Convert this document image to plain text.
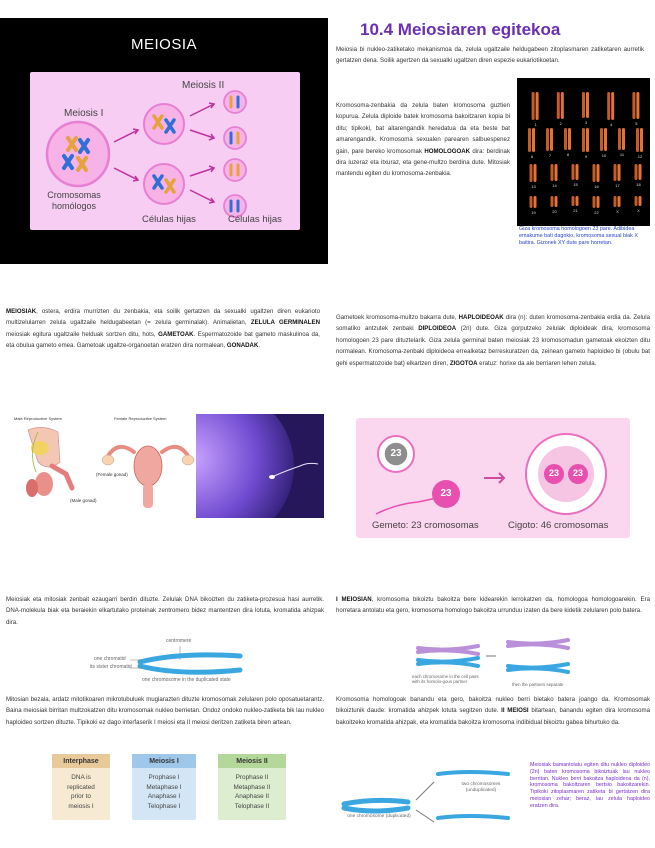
MEIOSIA
Meiosis I
Meiosis II
Cromosomas
homólogos
Células hijas	Células hijas
10.4 Meiosiaren egitekoa
Meiosia bi nukleo-zatiketako mekanismoa da, zelula ugaltzaile heldugabeen zitoplasmaren zatiketaren aurretik gertatzen dena. Soilik agertzen da sexualki ugaltzen diren espezie eukariotikoetan.
Kromosoma-zenbakia da zelula baten kromosoma guztien kopurua. Zelula diploide batek kromosoma bakoitzaren kopia bi ditu; tipikoki, bat aitarengandik heredatua da eta beste bat amarengandik. Kromosoma sexualen parearen salbuespenez gain, pare bereko kromosomak HOMOLOGOAK dira: berdinak dira luzeraz eta itxuraz, eta gene-multzo berdina dute. Mitosiak mantendu egiten du kromosoma-zenbakia.
1	2	3	4	5
6	7	8	9	10	11	12
13	14	15	16	17	18
19	20	21	22	X	X
Giza kromosoma homologoen 23 pare. Adibidea emakume bati dagokio, kromosoma sexual biak X baitira. Gizonek XY dute pare horretan.
MEIOSIAK, ostera, erdira murrizten du zenbakia, eta soilik gertatzen da sexualki ugaltzen diren eukarioto multizelularren zelula ugaltzaile heldugabeetan (= zelula germinalak). Animalietan, ZELULA GERMINALEN meiosiak egitura ugaltzaile helduak sortzen ditu, hots, GAMETOAK. Espermatozoide bat gameto maskulinoa da, eta obulua gameto emea. Gametoak ugaltze-organoetan eratzen dira normalean, GONADAK.
Male Reproductive System	Female Reproductive System
(Female gonad)
(Male gonad)
Gametoek kromosoma-multzo bakarra dute, HAPLOIDEOAK dira (n): duten kromosoma-zenbakia erdia da. Zelula somatiko antzutek zenbaki DIPLOIDEOA (2n) dute. Giza gorputzeko zelulak diploideak dira, kromosoma homologoen 23 pare dituztelarik. Giza zelula germinal baten meiosiak 23 kromosomadun gametoak ekoizten ditu normalean. Kromosoma-zenbaki diploideoa errealketaz berreskuratzen da, zeinean gameto haploideo bi (obulu bat gehi espermatozoide bat) elkartzen diren, ZIGOTOA eratuz: horixe da ale berriaren lehen zelula.
23
23
23	23
Gemeto: 23 cromosomas	Cigoto: 46 cromosomas
Meiosiak eta mitosiak zenbait ezaugarri berdin dituzte. Zelulak DNA bikoizten du zatiketa-prozesua hasi aurretik. DNA-molekula biak eta beraiekin elkartutako proteinak zentromero bidez mantentzen dira lotuta, kromatida ahizpak dira.
centromere
one chromatid
its sister chromatid
one chromosome in the duplicated state
Mitosian bezala, ardatz mitotikoaren mikrotubuluek mugiarazten dituzte kromosomak zelularen polo oposatuetarantz. Baina meiosiak birritan multzokatzen ditu kromosomak nukleo berrietan. Ondoz ondoko nukleo-zatiketa bik lau nukleo haploideo sortzen dituzte. Tipikoki ez dago interfaserik I meiosi eta II meiosi deritzen zatiketa biren artean.
Interphase
DNA is
replicated
prior to
meiosis I
Meiosis I
Prophase I
Metaphase I
Anaphase I
Telophase I
Meiosis II
Prophase II
Metaphase II
Anaphase II
Telophase II
I MEIOSIAN, kromosoma bikoiztu bakoitza bere kidearekin lerrokatzen da, homologoa homologoarekin. Era horretara antolatu eta gero, kromosoma homologo bakoitza urrunduu izaten da bere kidetik zelularen polo batera.
each chromosome in the cell pairs with its homolo-gous partner
then the partners separate
Kromosoma homologoak banandu eta gero, bakoitza nukleo berri bietako batera joango da. Kromosomak bikoiztunik daude: kromatida ahizpek lotuta segitzen dute. II MEIOSI bitartean, banandu egiten dira kromosoma bakoitzeko kromatida ahizpak, eta kromatida bakoitza kromosoma indibidual bikoiztu gabea bihurtuko da.
two chromosomes (unduplicated)
one chromosome (duplicated)
Meiosiak bamantolatu egiten ditu nukleo diploideo (2n) baten kromosoma bikoiztuak lau nukleo berritan. Nukleo berri bakoitza haploideoa da (n), kromosoma bakoitzaren bertsio bakoitzarekin. Tipikoki zitoplasmaren zatiketa bi gertatzen dira meiosian zehar; beraz, lau zelula haploideo eratzen dira.
